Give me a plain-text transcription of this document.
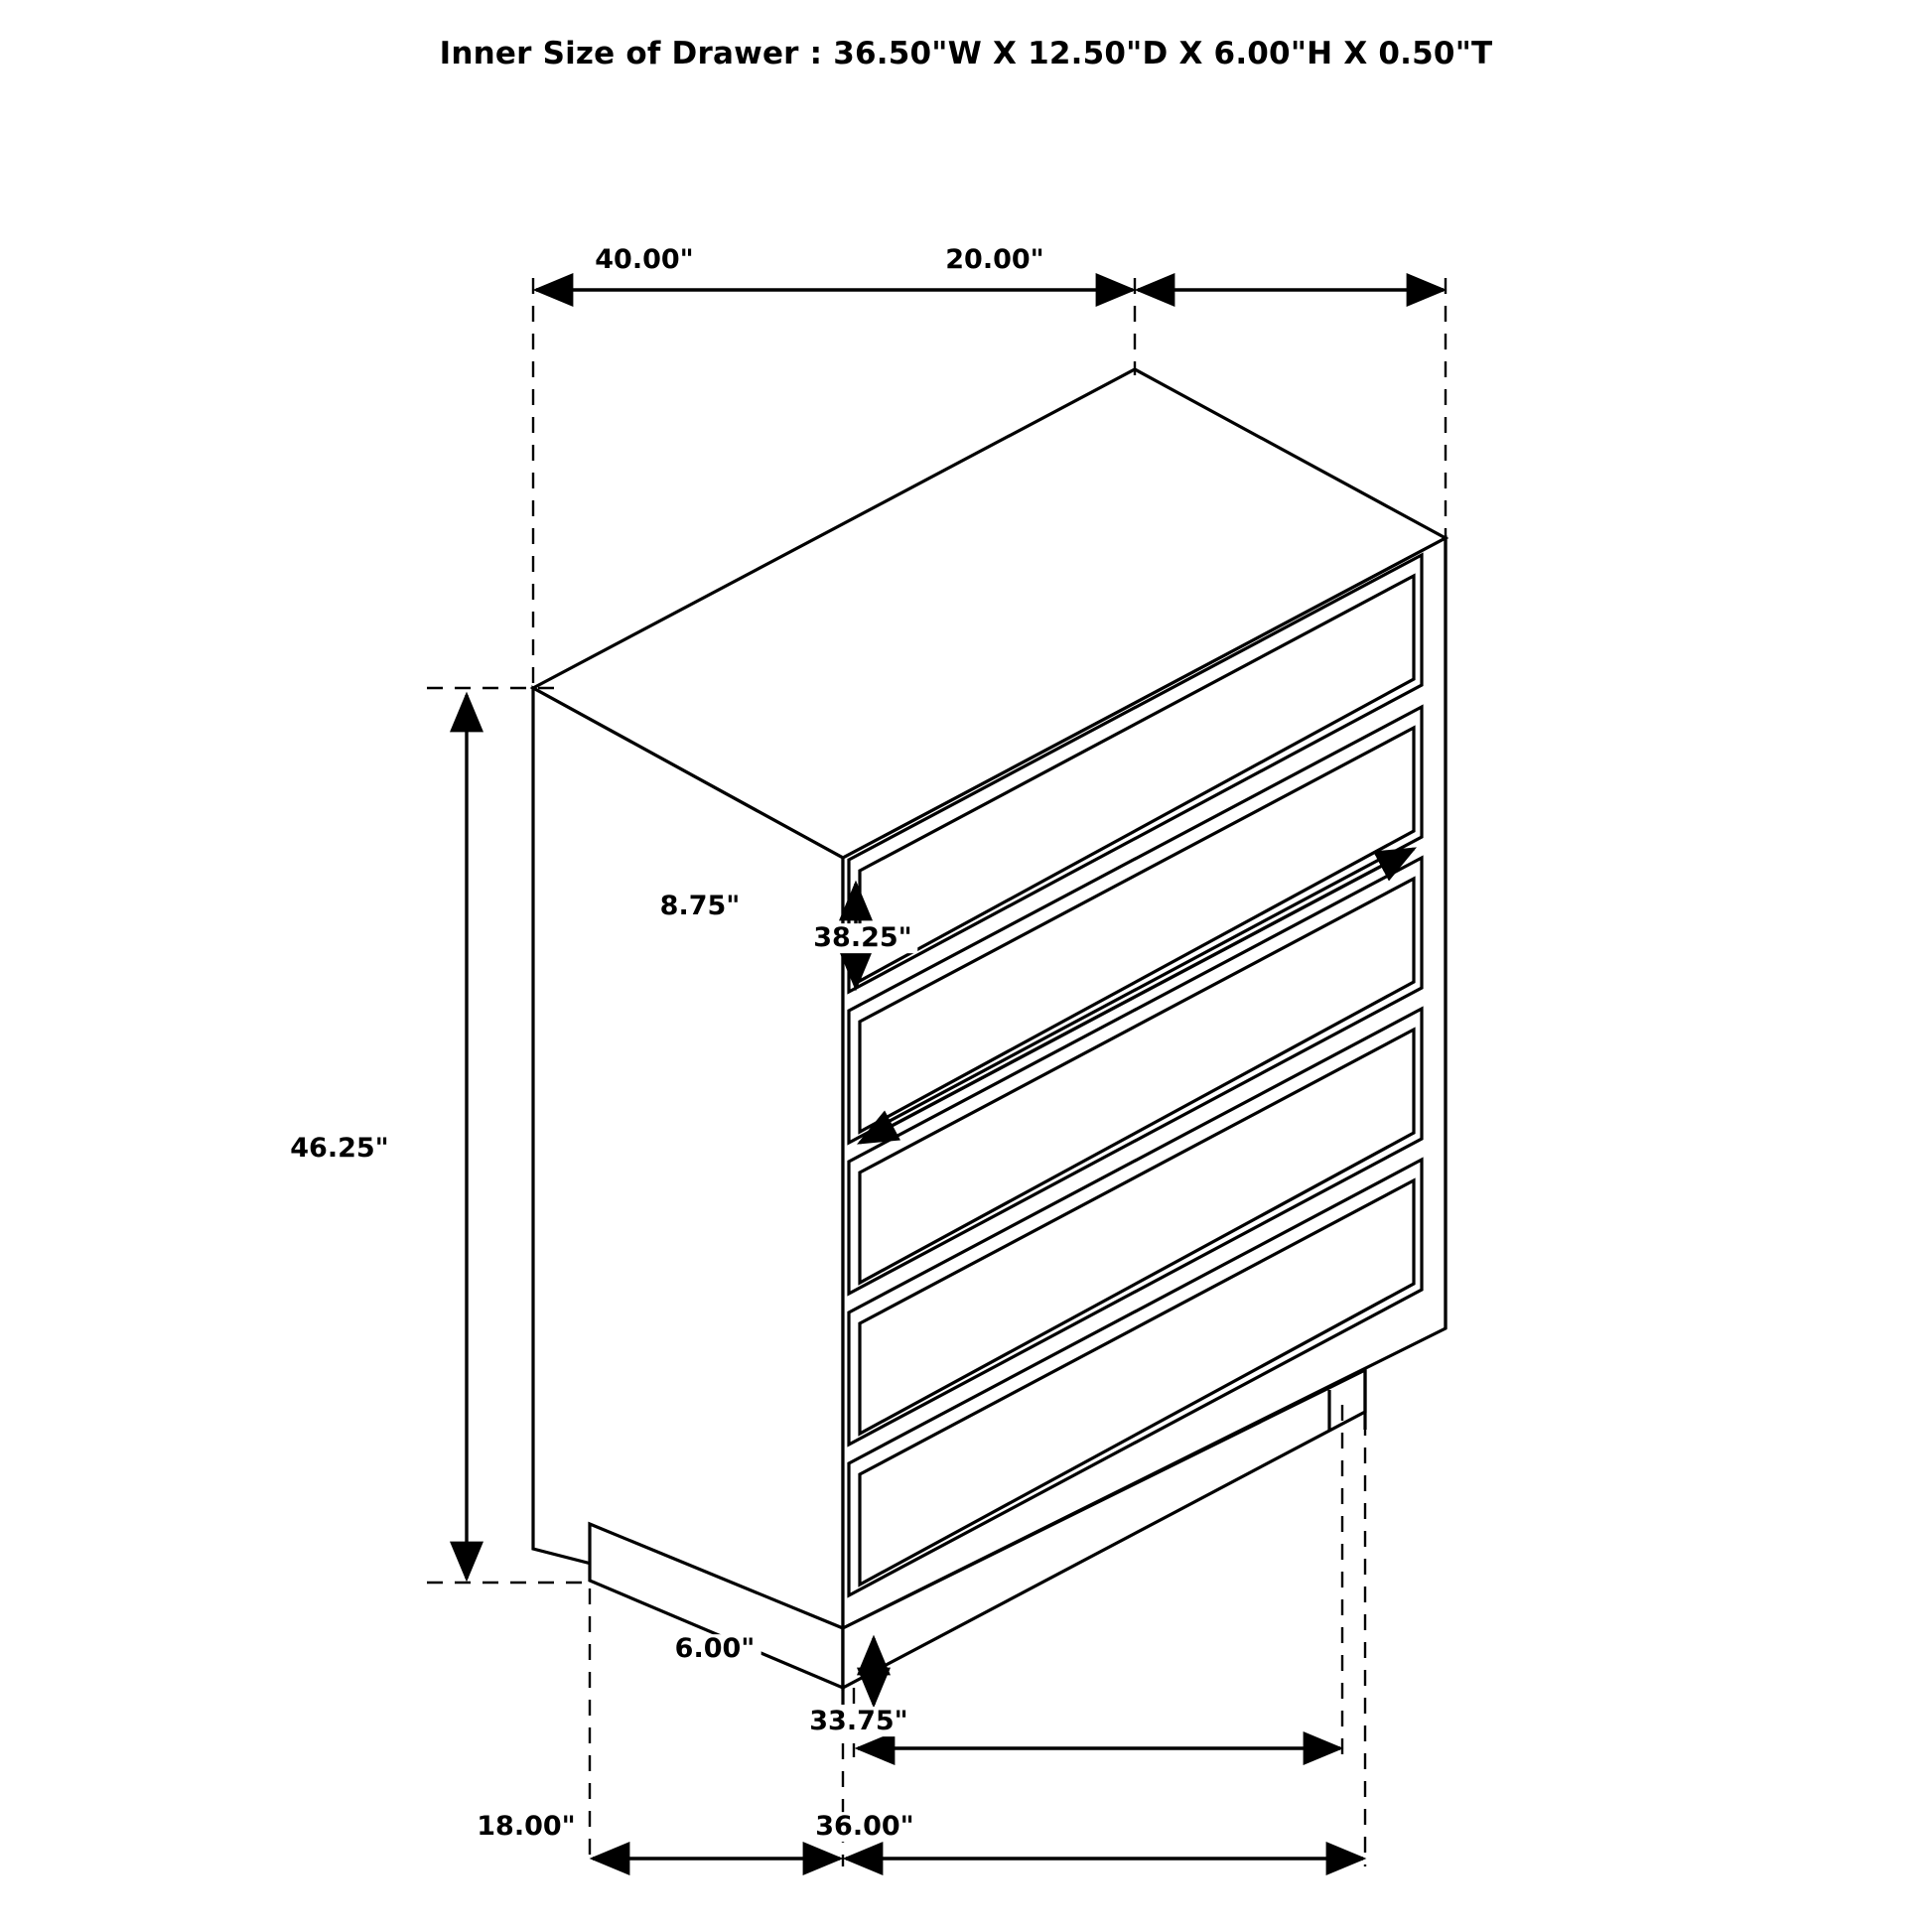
Inner Size of Drawer : 36.50"W X 12.50"D X 6.00"H X 0.50"T
40.00"	20.00"
46.25"
8.75"
38.25"
6.00"
33.75"
18.00"	36.00"
